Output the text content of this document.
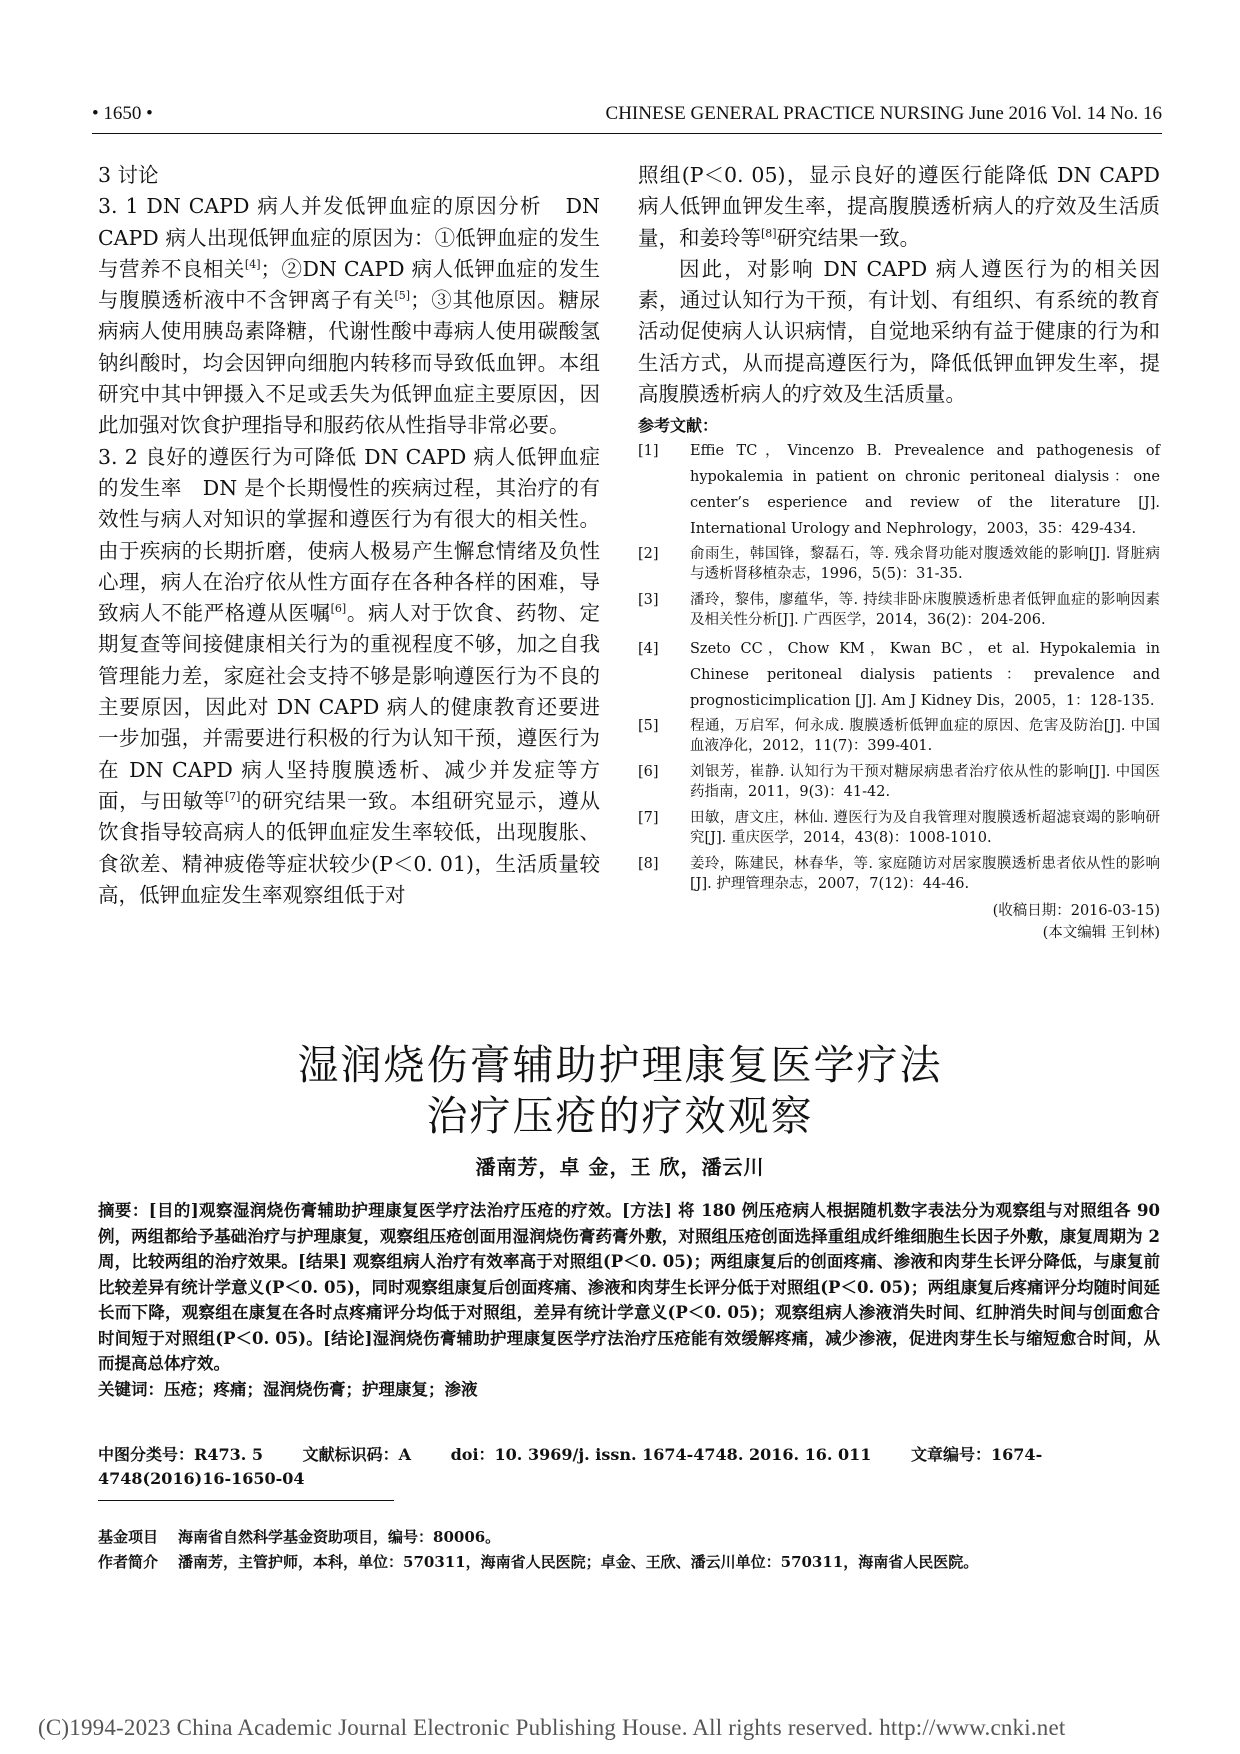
• 1650 •	CHINESE GENERAL PRACTICE NURSING June 2016 Vol. 14 No. 16

3 讨论

3. 1 DN CAPD 病人并发低钾血症的原因分析 DN CAPD 病人出现低钾血症的原因为：①低钾血症的发生与营养不良相关[4]；②DN CAPD 病人低钾血症的发生与腹膜透析液中不含钾离子有关[5]；③其他原因。糖尿病病人使用胰岛素降糖，代谢性酸中毒病人使用碳酸氢钠纠酸时，均会因钾向细胞内转移而导致低血钾。本组研究中其中钾摄入不足或丢失为低钾血症主要原因，因此加强对饮食护理指导和服药依从性指导非常必要。

3. 2 良好的遵医行为可降低 DN CAPD 病人低钾血症的发生率 DN 是个长期慢性的疾病过程，其治疗的有效性与病人对知识的掌握和遵医行为有很大的相关性。由于疾病的长期折磨，使病人极易产生懈怠情绪及负性心理，病人在治疗依从性方面存在各种各样的困难，导致病人不能严格遵从医嘱[6]。病人对于饮食、药物、定期复查等间接健康相关行为的重视程度不够，加之自我管理能力差，家庭社会支持不够是影响遵医行为不良的主要原因，因此对 DN CAPD 病人的健康教育还要进一步加强，并需要进行积极的行为认知干预，遵医行为在 DN CAPD 病人坚持腹膜透析、减少并发症等方面，与田敏等[7]的研究结果一致。本组研究显示，遵从饮食指导较高病人的低钾血症发生率较低，出现腹胀、食欲差、精神疲倦等症状较少(P＜0. 01)，生活质量较高，低钾血症发生率观察组低于对

照组(P＜0. 05)，显示良好的遵医行能降低 DN CAPD 病人低钾血钾发生率，提高腹膜透析病人的疗效及生活质量，和姜玲等[8]研究结果一致。

因此，对影响 DN CAPD 病人遵医行为的相关因素，通过认知行为干预，有计划、有组织、有系统的教育活动促使病人认识病情，自觉地采纳有益于健康的行为和生活方式，从而提高遵医行为，降低低钾血钾发生率，提高腹膜透析病人的疗效及生活质量。

参考文献：
[1] Effie TC，Vincenzo B. Prevealence and pathogenesis of hypokalemia in patient on chronic peritoneal dialysis：one center’s esperience and review of the literature [J]. International Urology and Nephrology，2003，35：429-434.
[2] 俞雨生，韩国锋，黎磊石，等. 残余肾功能对腹透效能的影响[J]. 肾脏病与透析肾移植杂志，1996，5(5)：31-35.
[3] 潘玲，黎伟，廖蕴华，等. 持续非卧床腹膜透析患者低钾血症的影响因素及相关性分析[J]. 广西医学，2014，36(2)：204-206.
[4] Szeto CC，Chow KM，Kwan BC，et al. Hypokalemia in Chinese peritoneal dialysis patients：prevalence and prognosticimplication [J]. Am J Kidney Dis，2005，1：128-135.
[5] 程通，万启军，何永成. 腹膜透析低钾血症的原因、危害及防治[J]. 中国血液净化，2012，11(7)：399-401.
[6] 刘银芳，崔静. 认知行为干预对糖尿病患者治疗依从性的影响[J]. 中国医药指南，2011，9(3)：41-42.
[7] 田敏，唐文庄，林仙. 遵医行为及自我管理对腹膜透析超滤衰竭的影响研究[J]. 重庆医学，2014，43(8)：1008-1010.
[8] 姜玲，陈建民，林春华，等. 家庭随访对居家腹膜透析患者依从性的影响[J]. 护理管理杂志，2007，7(12)：44-46.
(收稿日期：2016-03-15)
(本文编辑 王钊林)
湿润烧伤膏辅助护理康复医学疗法
治疗压疮的疗效观察
潘南芳，卓 金，王 欣，潘云川
摘要：[目的]观察湿润烧伤膏辅助护理康复医学疗法治疗压疮的疗效。[方法] 将 180 例压疮病人根据随机数字表法分为观察组与对照组各 90 例，两组都给予基础治疗与护理康复，观察组压疮创面用湿润烧伤膏药膏外敷，对照组压疮创面选择重组成纤维细胞生长因子外敷，康复周期为 2 周，比较两组的治疗效果。[结果] 观察组病人治疗有效率高于对照组(P＜0. 05)；两组康复后的创面疼痛、渗液和肉芽生长评分降低，与康复前比较差异有统计学意义(P＜0. 05)，同时观察组康复后创面疼痛、渗液和肉芽生长评分低于对照组(P＜0. 05)；两组康复后疼痛评分均随时间延长而下降，观察组在康复在各时点疼痛评分均低于对照组，差异有统计学意义(P＜0. 05)；观察组病人渗液消失时间、红肿消失时间与创面愈合时间短于对照组(P＜0. 05)。[结论]湿润烧伤膏辅助护理康复医学疗法治疗压疮能有效缓解疼痛，减少渗液，促进肉芽生长与缩短愈合时间，从而提高总体疗效。
关键词：压疮；疼痛；湿润烧伤膏；护理康复；渗液
中图分类号：R473. 5 文献标识码：A doi：10. 3969/j. issn. 1674-4748. 2016. 16. 011 文章编号：1674-4748(2016)16-1650-04
基金项目 海南省自然科学基金资助项目，编号：80006。
作者简介 潘南芳，主管护师，本科，单位：570311，海南省人民医院；卓金、王欣、潘云川单位：570311，海南省人民医院。
(C)1994-2023 China Academic Journal Electronic Publishing House. All rights reserved. http://www.cnki.net
